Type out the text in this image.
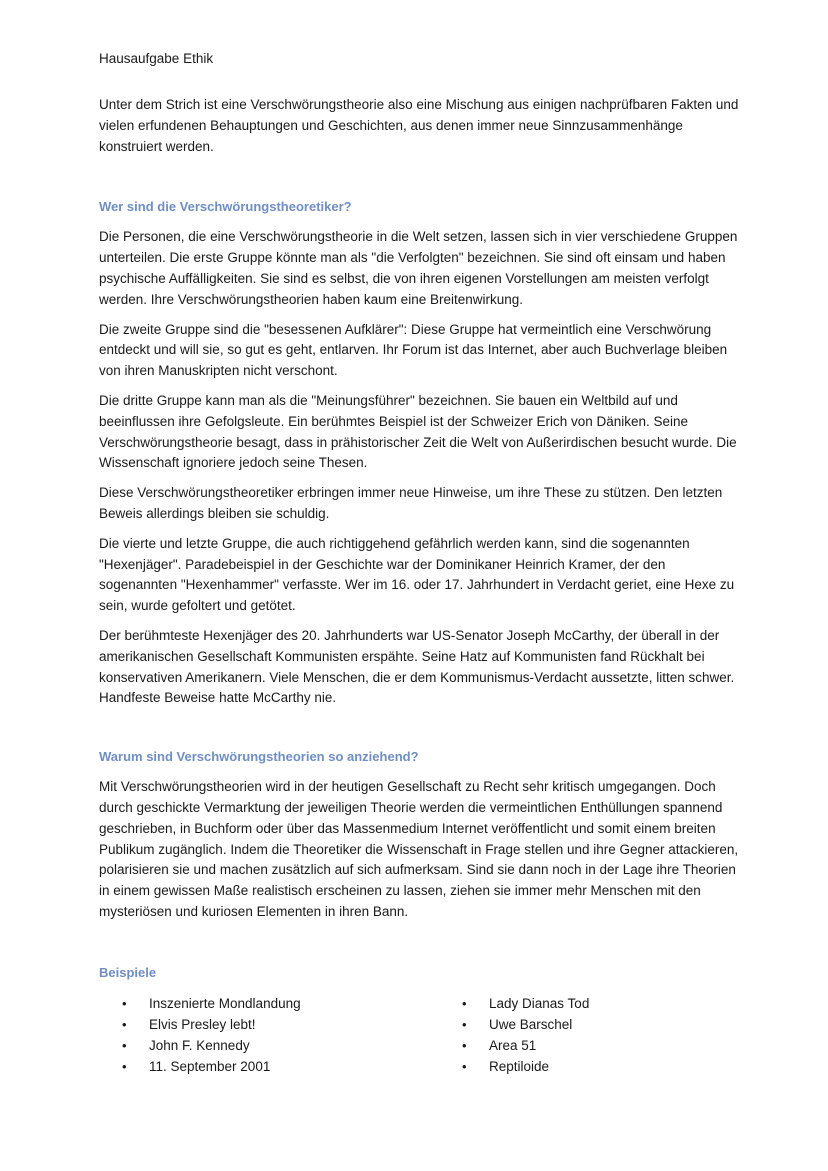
Hausaufgabe Ethik

Unter dem Strich ist eine Verschwörungstheorie also eine Mischung aus einigen nachprüfbaren Fakten und vielen erfundenen Behauptungen und Geschichten, aus denen immer neue Sinnzusammenhänge konstruiert werden.

Wer sind die Verschwörungstheoretiker?

Die Personen, die eine Verschwörungstheorie in die Welt setzen, lassen sich in vier verschiedene Gruppen unterteilen. Die erste Gruppe könnte man als "die Verfolgten" bezeichnen. Sie sind oft einsam und haben psychische Auffälligkeiten. Sie sind es selbst, die von ihren eigenen Vorstellungen am meisten verfolgt werden. Ihre Verschwörungstheorien haben kaum eine Breitenwirkung.

Die zweite Gruppe sind die "besessenen Aufklärer": Diese Gruppe hat vermeintlich eine Verschwörung entdeckt und will sie, so gut es geht, entlarven. Ihr Forum ist das Internet, aber auch Buchverlage bleiben von ihren Manuskripten nicht verschont.

Die dritte Gruppe kann man als die "Meinungsführer" bezeichnen. Sie bauen ein Weltbild auf und beeinflussen ihre Gefolgsleute. Ein berühmtes Beispiel ist der Schweizer Erich von Däniken. Seine Verschwörungstheorie besagt, dass in prähistorischer Zeit die Welt von Außerirdischen besucht wurde. Die Wissenschaft ignoriere jedoch seine Thesen.

Diese Verschwörungstheoretiker erbringen immer neue Hinweise, um ihre These zu stützen. Den letzten Beweis allerdings bleiben sie schuldig.

Die vierte und letzte Gruppe, die auch richtiggehend gefährlich werden kann, sind die sogenannten "Hexenjäger". Paradebeispiel in der Geschichte war der Dominikaner Heinrich Kramer, der den sogenannten "Hexenhammer" verfasste. Wer im 16. oder 17. Jahrhundert in Verdacht geriet, eine Hexe zu sein, wurde gefoltert und getötet.

Der berühmteste Hexenjäger des 20. Jahrhunderts war US-Senator Joseph McCarthy, der überall in der amerikanischen Gesellschaft Kommunisten erspähte. Seine Hatz auf Kommunisten fand Rückhalt bei konservativen Amerikanern. Viele Menschen, die er dem Kommunismus-Verdacht aussetzte, litten schwer. Handfeste Beweise hatte McCarthy nie.

Warum sind Verschwörungstheorien so anziehend?

Mit Verschwörungstheorien wird in der heutigen Gesellschaft zu Recht sehr kritisch umgegangen. Doch durch geschickte Vermarktung der jeweiligen Theorie werden die vermeintlichen Enthüllungen spannend geschrieben, in Buchform oder über das Massenmedium Internet veröffentlicht und somit einem breiten Publikum zugänglich. Indem die Theoretiker die Wissenschaft in Frage stellen und ihre Gegner attackieren, polarisieren sie und machen zusätzlich auf sich aufmerksam. Sind sie dann noch in der Lage ihre Theorien in einem gewissen Maße realistisch erscheinen zu lassen, ziehen sie immer mehr Menschen mit den mysteriösen und kuriosen Elementen in ihren Bann.

Beispiele
• Inszenierte Mondlandung
• Elvis Presley lebt!
• John F. Kennedy
• 11. September 2001
• Lady Dianas Tod
• Uwe Barschel
• Area 51
• Reptiloide
